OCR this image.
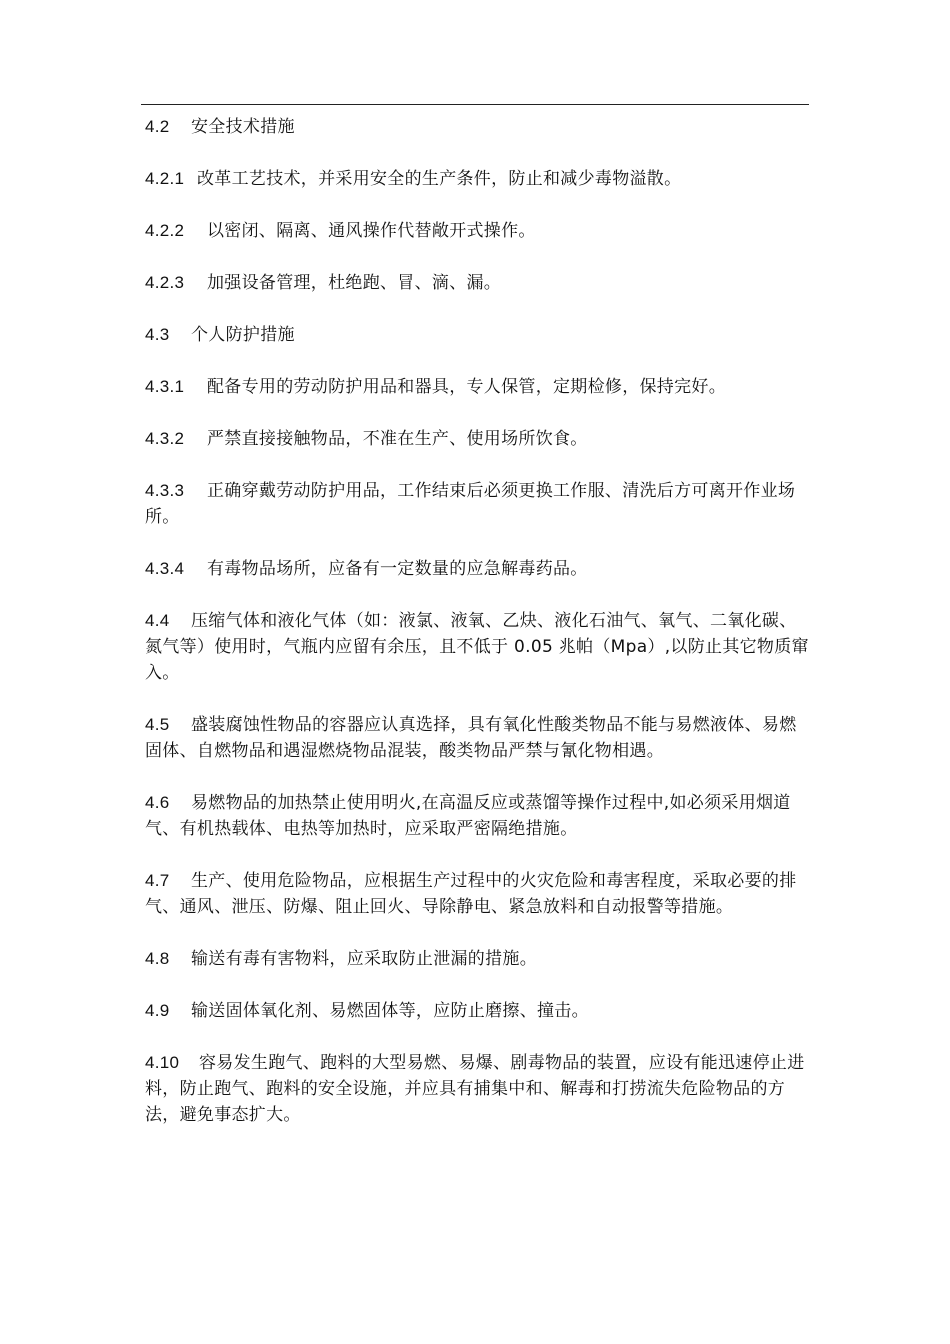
4.2 安全技术措施

4.2.1 改革工艺技术，并采用安全的生产条件，防止和减少毒物溢散。

4.2.2 以密闭、隔离、通风操作代替敞开式操作。

4.2.3 加强设备管理，杜绝跑、冒、滴、漏。

4.3 个人防护措施

4.3.1 配备专用的劳动防护用品和器具，专人保管，定期检修，保持完好。

4.3.2 严禁直接接触物品，不准在生产、使用场所饮食。

4.3.3 正确穿戴劳动防护用品，工作结束后必须更换工作服、清洗后方可离开作业场所。

4.3.4 有毒物品场所，应备有一定数量的应急解毒药品。

4.4 压缩气体和液化气体（如：液氯、液氧、乙炔、液化石油气、氧气、二氧化碳、氮气等）使用时，气瓶内应留有余压，且不低于 0.05 兆帕（Mpa）,以防止其它物质窜入。

4.5 盛装腐蚀性物品的容器应认真选择，具有氧化性酸类物品不能与易燃液体、易燃固体、自燃物品和遇湿燃烧物品混装，酸类物品严禁与氰化物相遇。

4.6 易燃物品的加热禁止使用明火,在高温反应或蒸馏等操作过程中,如必须采用烟道气、有机热载体、电热等加热时，应采取严密隔绝措施。

4.7 生产、使用危险物品，应根据生产过程中的火灾危险和毒害程度，采取必要的排气、通风、泄压、防爆、阻止回火、导除静电、紧急放料和自动报警等措施。

4.8 输送有毒有害物料，应采取防止泄漏的措施。

4.9 输送固体氧化剂、易燃固体等，应防止磨擦、撞击。

4.10 容易发生跑气、跑料的大型易燃、易爆、剧毒物品的装置，应设有能迅速停止进料，防止跑气、跑料的安全设施，并应具有捕集中和、解毒和打捞流失危险物品的方法，避免事态扩大。
